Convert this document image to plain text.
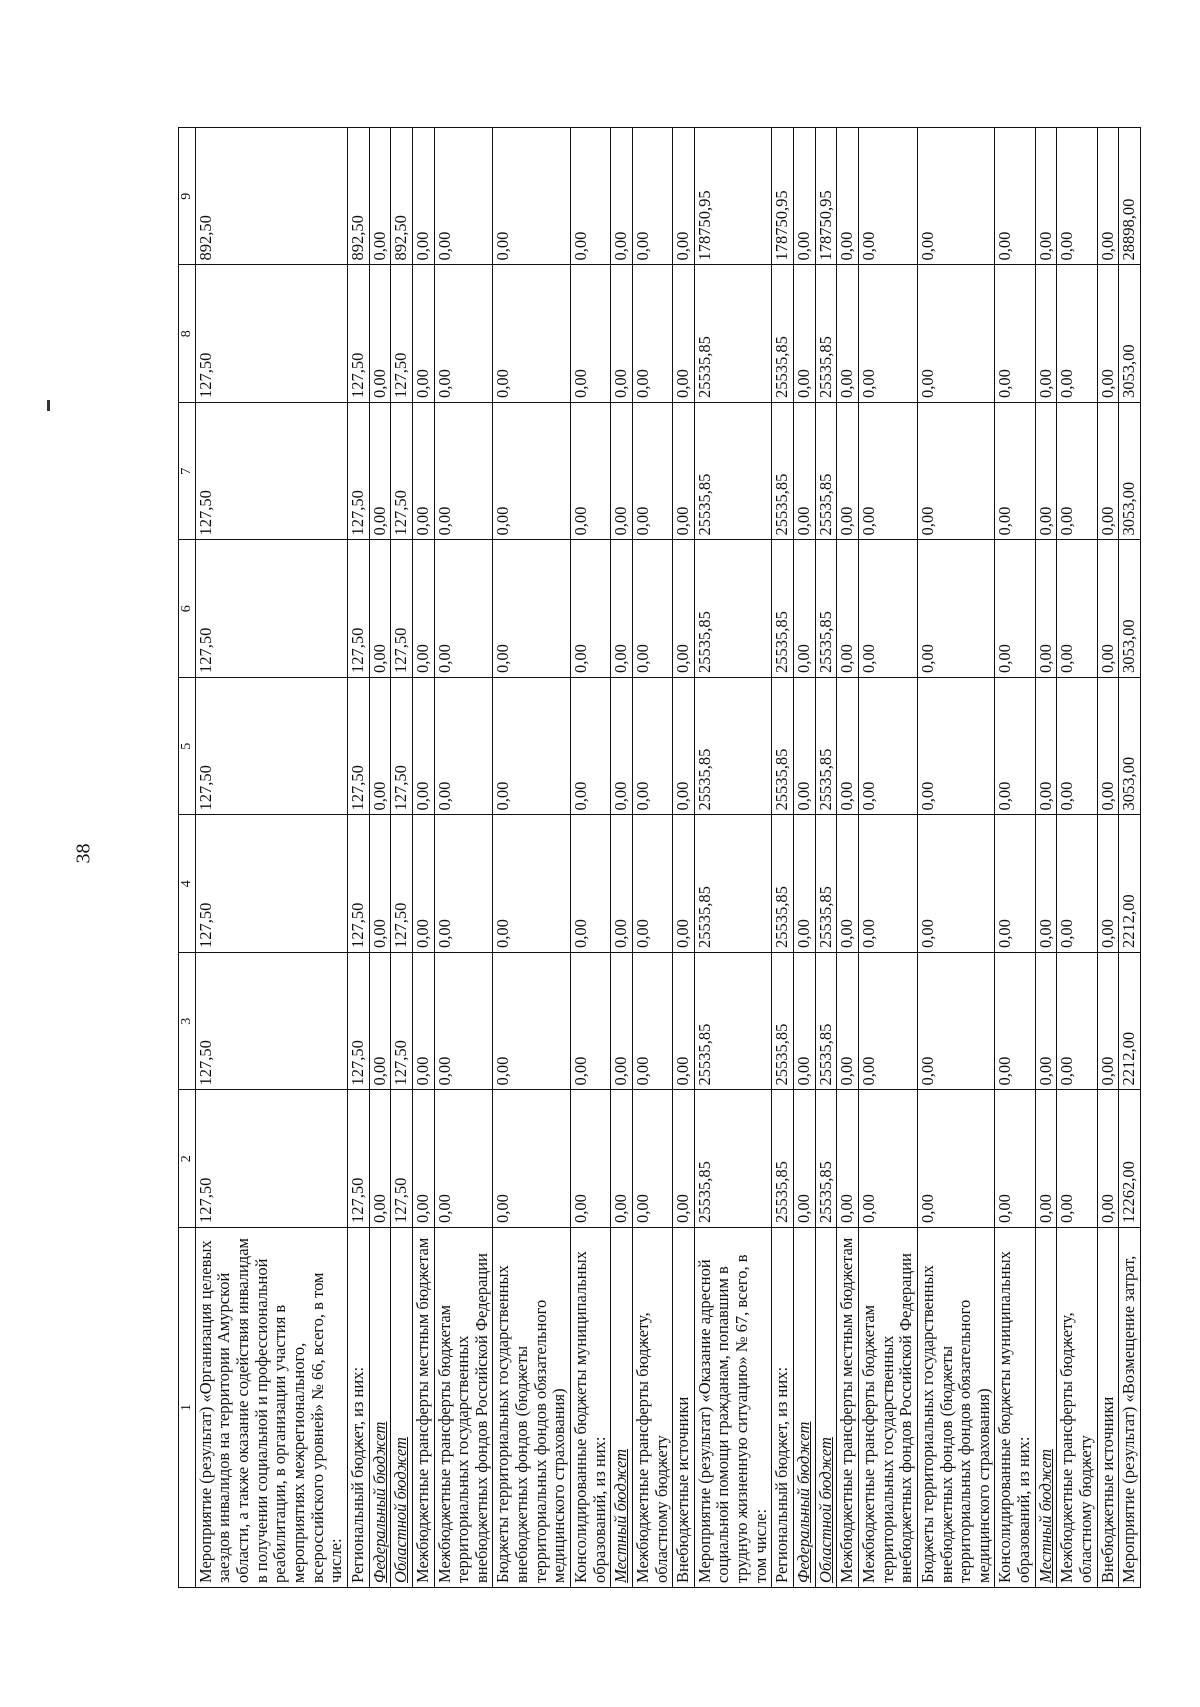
38
1	2	3	4	5	6	7	8	9
Мероприятие (результат) «Организация целевых заездов инвалидов на территории Амурской области, а также оказание содействия инвалидам в получении социальной и профессиональной реабилитации, в организации участия в мероприятиях межрегионального, всероссийского уровней» № 66, всего, в том числе:	127,50	127,50	127,50	127,50	127,50	127,50	127,50	892,50
Региональный бюджет, из них:	127,50	127,50	127,50	127,50	127,50	127,50	127,50	892,50
Федеральный бюджет	0,00	0,00	0,00	0,00	0,00	0,00	0,00	0,00
Областной бюджет	127,50	127,50	127,50	127,50	127,50	127,50	127,50	892,50
Межбюджетные трансферты местным бюджетам	0,00	0,00	0,00	0,00	0,00	0,00	0,00	0,00
Межбюджетные трансферты бюджетам территориальных государственных внебюджетных фондов Российской Федерации	0,00	0,00	0,00	0,00	0,00	0,00	0,00	0,00
Бюджеты территориальных государственных внебюджетных фондов (бюджеты территориальных фондов обязательного медицинского страхования)	0,00	0,00	0,00	0,00	0,00	0,00	0,00	0,00
Консолидированные бюджеты муниципальных образований, из них:	0,00	0,00	0,00	0,00	0,00	0,00	0,00	0,00
Местный бюджет	0,00	0,00	0,00	0,00	0,00	0,00	0,00	0,00
Межбюджетные трансферты бюджету, областному бюджету	0,00	0,00	0,00	0,00	0,00	0,00	0,00	0,00
Внебюджетные источники	0,00	0,00	0,00	0,00	0,00	0,00	0,00	0,00
Мероприятие (результат) «Оказание адресной социальной помощи гражданам, попавшим в трудную жизненную ситуацию» № 67, всего, в том числе:	25535,85	25535,85	25535,85	25535,85	25535,85	25535,85	25535,85	178750,95
Региональный бюджет, из них:	25535,85	25535,85	25535,85	25535,85	25535,85	25535,85	25535,85	178750,95
Федеральный бюджет	0,00	0,00	0,00	0,00	0,00	0,00	0,00	0,00
Областной бюджет	25535,85	25535,85	25535,85	25535,85	25535,85	25535,85	25535,85	178750,95
Межбюджетные трансферты местным бюджетам	0,00	0,00	0,00	0,00	0,00	0,00	0,00	0,00
Межбюджетные трансферты бюджетам территориальных государственных внебюджетных фондов Российской Федерации	0,00	0,00	0,00	0,00	0,00	0,00	0,00	0,00
Бюджеты территориальных государственных внебюджетных фондов (бюджеты территориальных фондов обязательного медицинского страхования)	0,00	0,00	0,00	0,00	0,00	0,00	0,00	0,00
Консолидированные бюджеты муниципальных образований, из них:	0,00	0,00	0,00	0,00	0,00	0,00	0,00	0,00
Местный бюджет	0,00	0,00	0,00	0,00	0,00	0,00	0,00	0,00
Межбюджетные трансферты бюджету, областному бюджету	0,00	0,00	0,00	0,00	0,00	0,00	0,00	0,00
Внебюджетные источники	0,00	0,00	0,00	0,00	0,00	0,00	0,00	0,00
Мероприятие (результат) «Возмещение затрат,	12262,00	2212,00	2212,00	3053,00	3053,00	3053,00	3053,00	28898,00
